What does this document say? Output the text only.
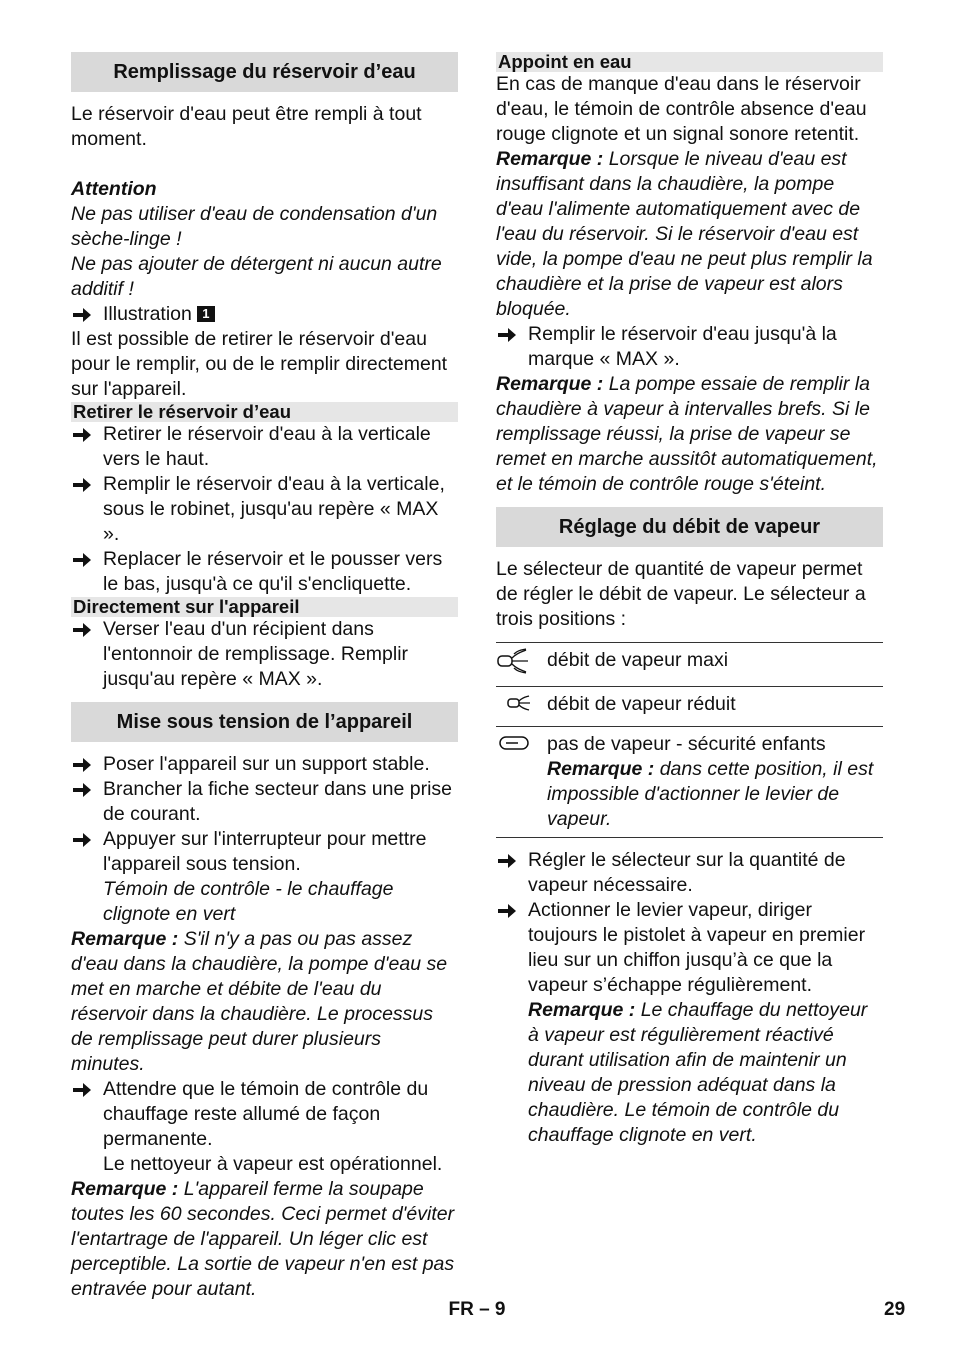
Remplissage du réservoir d’eau

Le réservoir d'eau peut être rempli à tout moment.

Attention

Ne pas utiliser d'eau de condensation d'un sèche-linge !

Ne pas ajouter de détergent ni aucun autre additif !

Illustration 1

Il est possible de retirer le réservoir d'eau pour le remplir, ou de le remplir directement sur l'appareil.

Retirer le réservoir d’eau
Retirer le réservoir d'eau à la verticale vers le haut.
Remplir le réservoir d'eau à la verticale, sous le robinet, jusqu'au repère « MAX ».
Replacer le réservoir et le pousser vers le bas, jusqu'à ce qu'il s'encliquette.
Directement sur l'appareil
Verser l'eau d'un récipient dans l'entonnoir de remplissage. Remplir jusqu'au repère « MAX ».
Mise sous tension de l’appareil
Poser l'appareil sur un support stable.
Brancher la fiche secteur dans une prise de courant.
Appuyer sur l'interrupteur pour mettre l'appareil sous tension.

Témoin de contrôle - le chauffage clignote en vert

Remarque : S'il n'y a pas ou pas assez d'eau dans la chaudière, la pompe d'eau se met en marche et débite de l'eau du réservoir dans la chaudière. Le processus de remplissage peut durer plusieurs minutes.

Attendre que le témoin de contrôle du chauffage reste allumé de façon permanente.

Le nettoyeur à vapeur est opérationnel.

Remarque : L'appareil ferme la soupape toutes les 60 secondes. Ceci permet d'éviter l'entartrage de l'appareil. Un léger clic est perceptible. La sortie de vapeur n'en est pas entravée pour autant.

Appoint en eau

En cas de manque d'eau dans le réservoir d'eau, le témoin de contrôle absence d'eau rouge clignote et un signal sonore retentit.

Remarque : Lorsque le niveau d'eau est insuffisant dans la chaudière, la pompe d'eau l'alimente automatiquement avec de l'eau du réservoir. Si le réservoir d'eau est vide, la pompe d'eau ne peut plus remplir la chaudière et la prise de vapeur est alors bloquée.

Remplir le réservoir d'eau jusqu'à la marque « MAX ».

Remarque : La pompe essaie de remplir la chaudière à vapeur à intervalles brefs. Si le remplissage réussi, la prise de vapeur se remet en marche aussitôt automatiquement, et le témoin de contrôle rouge s'éteint.

Réglage du débit de vapeur

Le sélecteur de quantité de vapeur permet de régler le débit de vapeur. Le sélecteur a trois positions :

	débit de vapeur maxi
	débit de vapeur réduit

pas de vapeur - sécurité enfants
Remarque : dans cette position, il est impossible d'actionner le levier de vapeur.
Régler le sélecteur sur la quantité de vapeur nécessaire.
Actionner le levier vapeur, diriger toujours le pistolet à vapeur en premier lieu sur un chiffon jusqu’à ce que la vapeur s’échappe régulièrement.

Remarque : Le chauffage du nettoyeur à vapeur est régulièrement réactivé durant utilisation afin de maintenir un niveau de pression adéquat dans la chaudière. Le témoin de contrôle du chauffage clignote en vert.

FR – 9	29
